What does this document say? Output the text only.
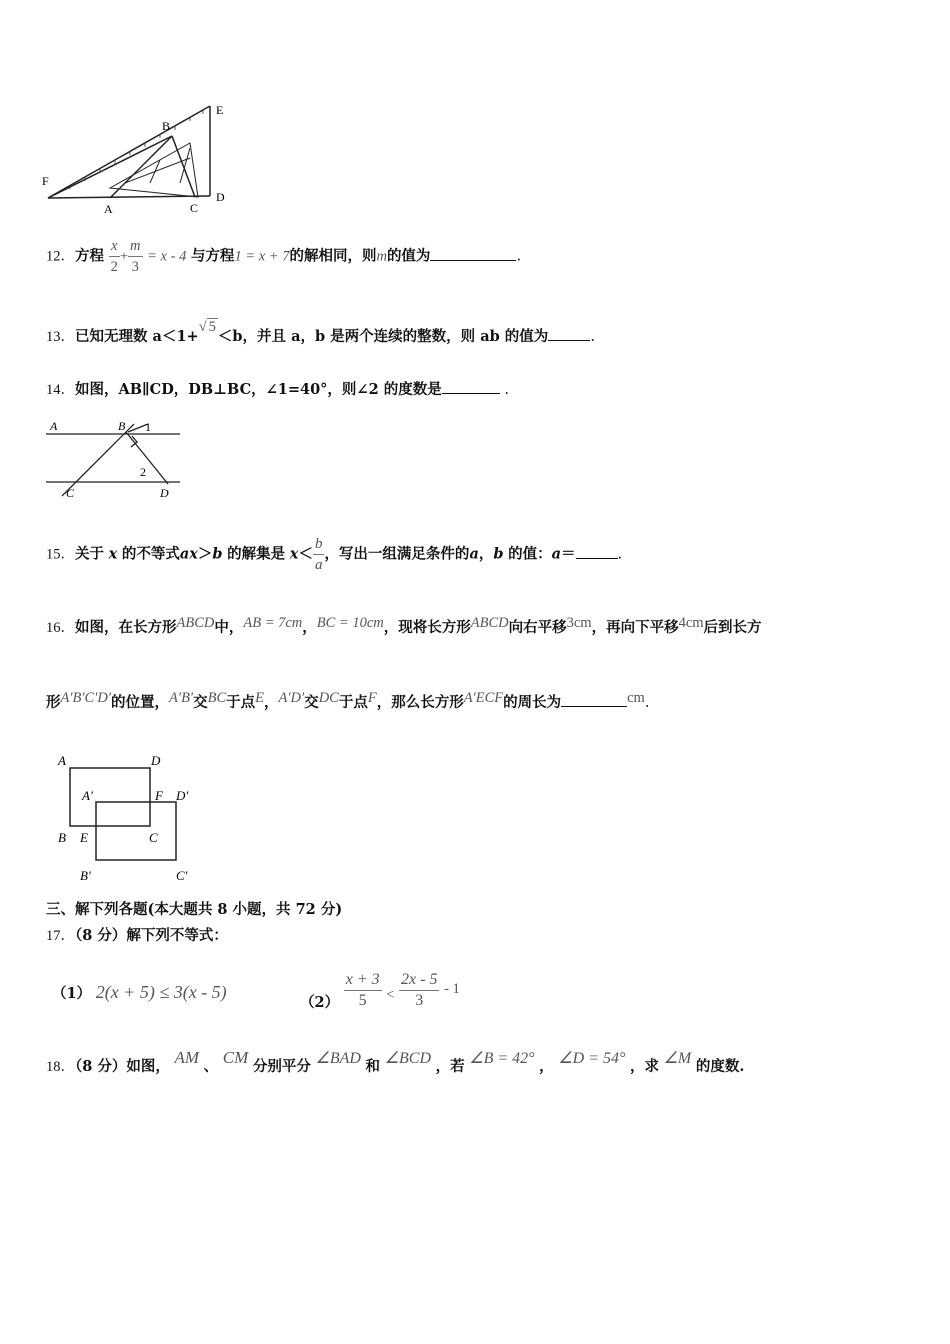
E
B
F
D
A	C
12．方程 $\frac{x}{2} + \frac{m}{3} = x - 4$ 与方程1 = x + 7的解相同，则m的值为	.
13．已知无理数 a＜1+√ 5＜b，并且 a，b 是两个连续的整数，则 ab 的值为	.
14．如图，AB∥CD，DB⊥BC，∠1=40°，则∠2 的度数是	.
A	B 1
2
C	D
15．关于 x 的不等式ax＞b 的解集是 $x< \frac{b}{a}$ ，写出一组满足条件的a，b 的值：a＝	.
16．如图，在长方形ABCD中，AB = 7cm，BC = 10cm，现将长方形ABCD向右平移3cm，再向下平移4cm后到长方
形A′B′C′D′的位置，A′B′交BC于点E，A′D′交DC于点F，那么长方形A′ECF的周长为	cm.
A	D
A'	F D'
B E	C
B'	C'
三、解下列各题(本大题共 8 小题，共 72 分)
17．（8 分）解下列不等式：
（1） 2(x + 5) ≤ 3(x - 5)	$(2) \frac{x + 3}{5} < \frac{2x - 5}{3} - 1$
18．（8 分）如图， AM 、 CM 分别平分 ∠BAD 和 ∠BCD ，若 ∠B = 42° ， ∠D = 54° ，求 ∠M 的度数.
